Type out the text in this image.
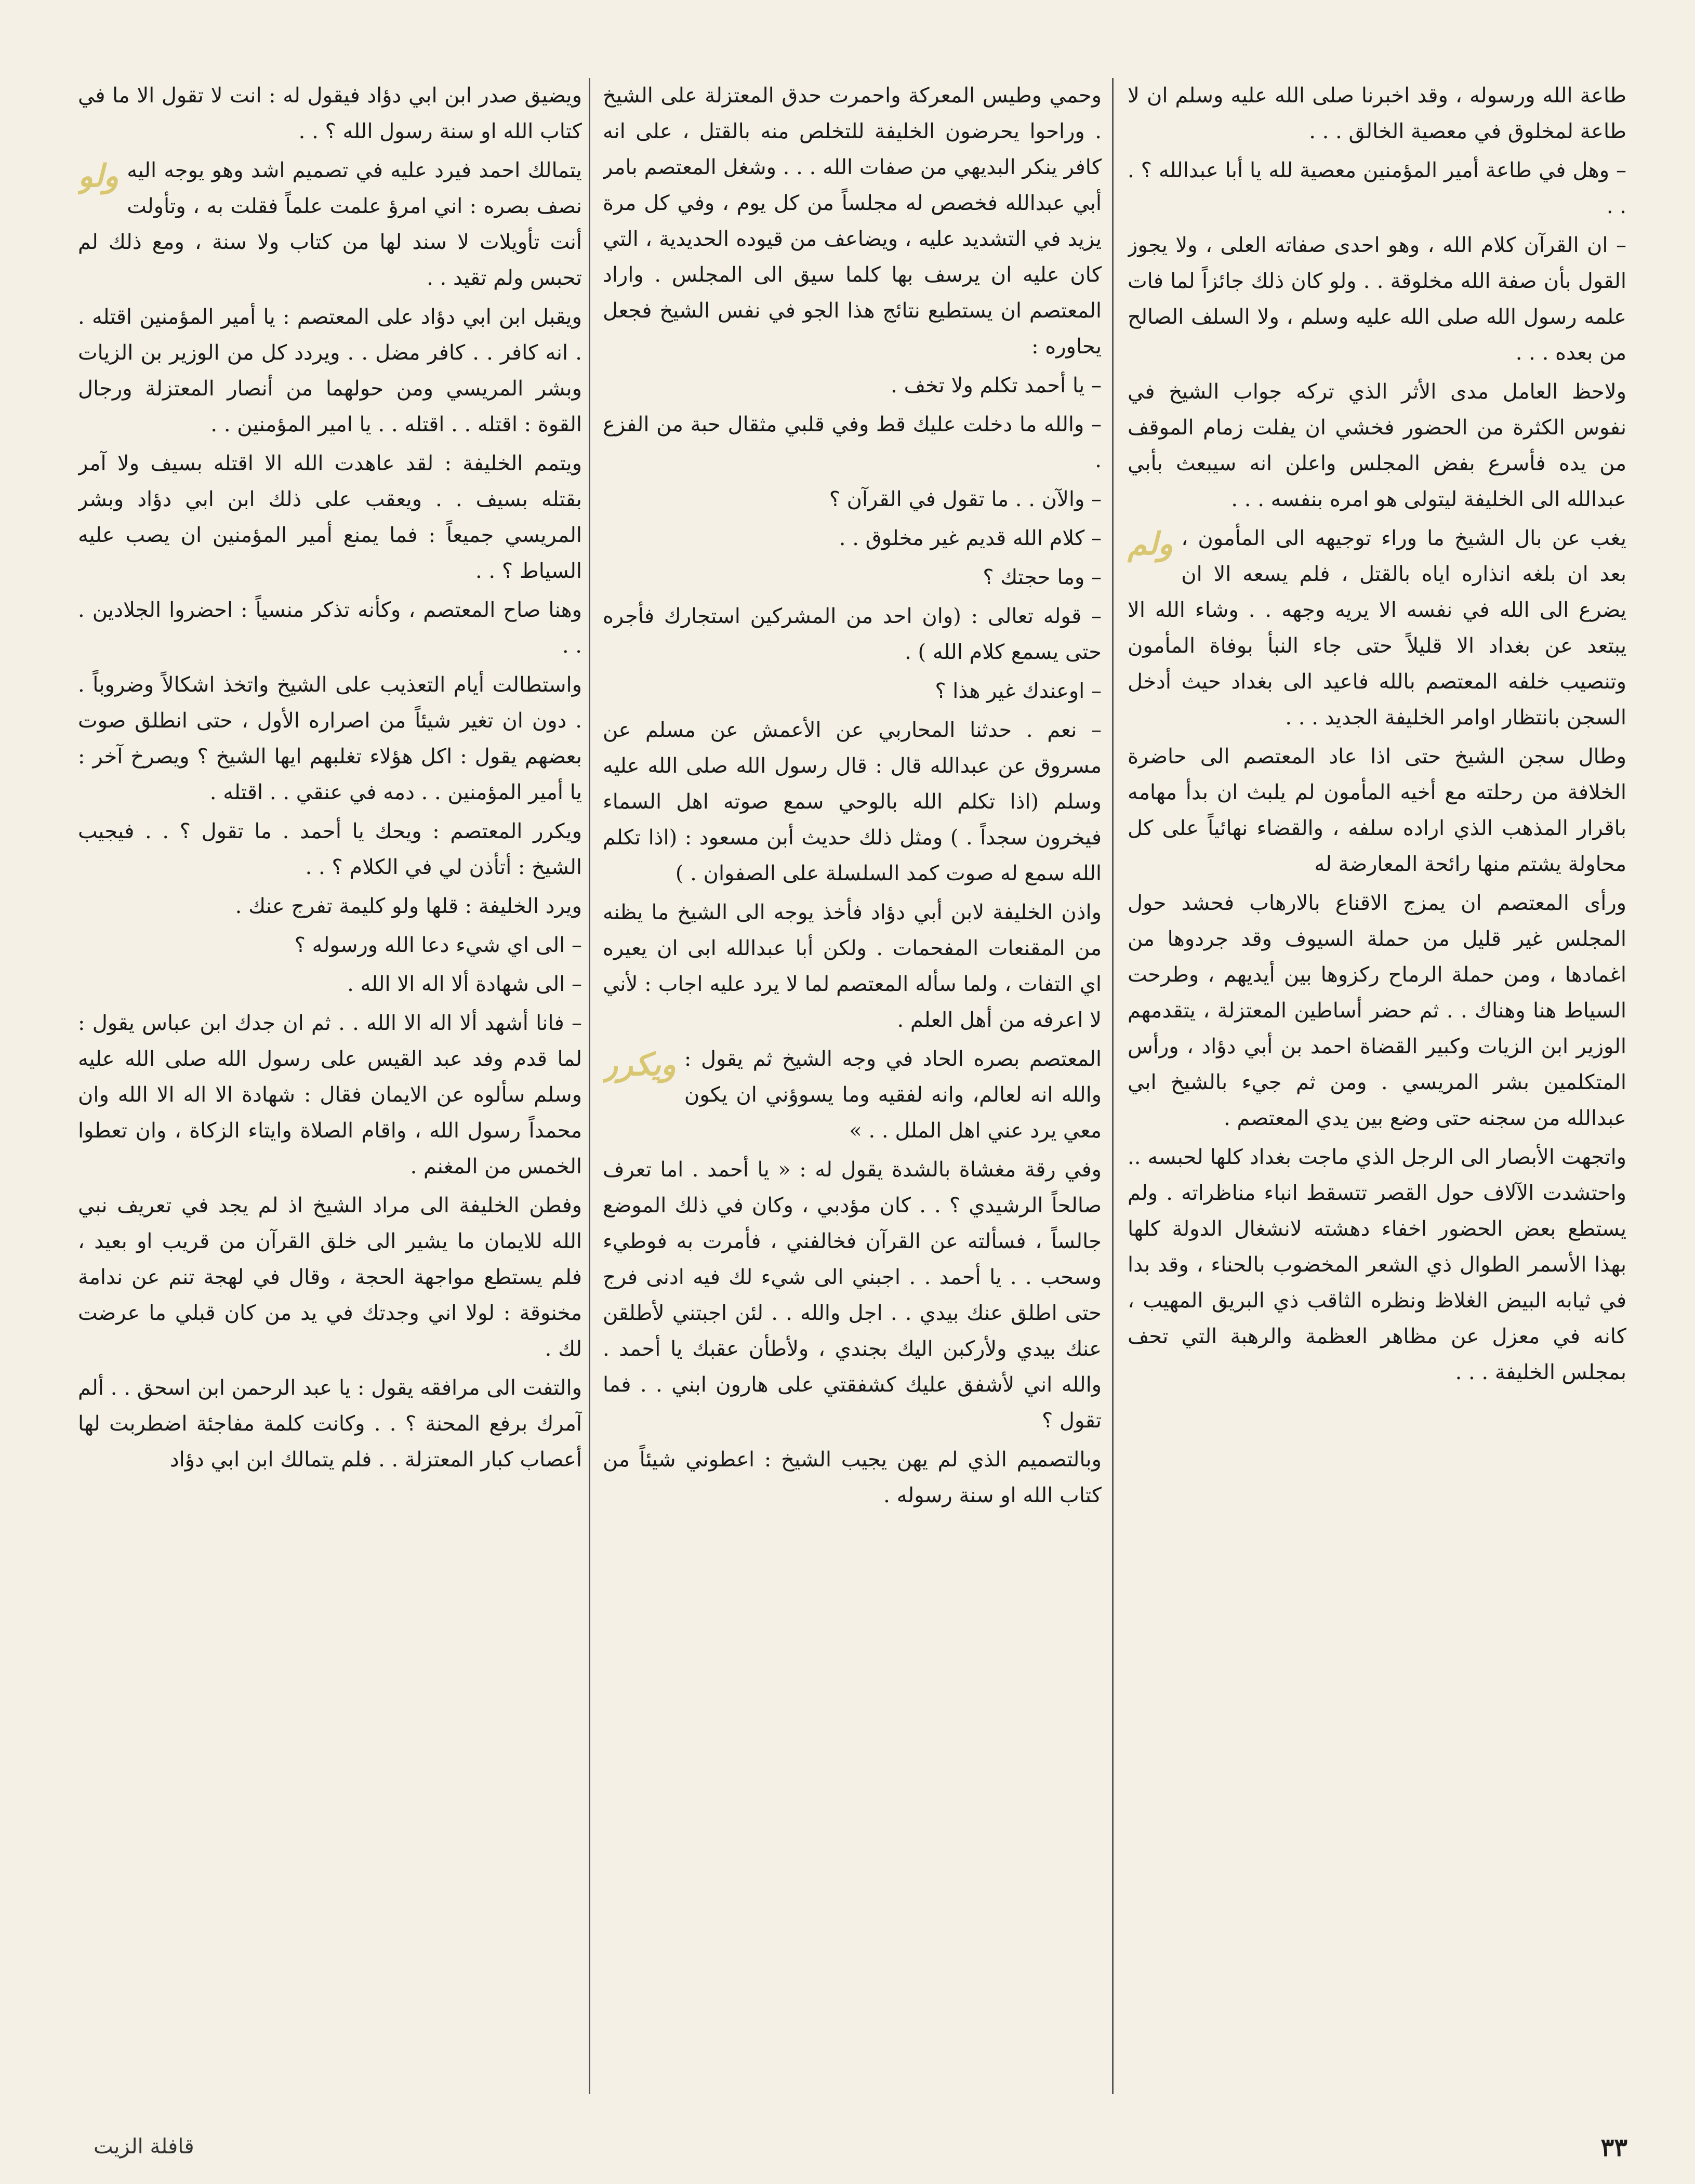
طاعة الله ورسوله ، وقد اخبرنا صلى الله عليه وسلم ان لا طاعة لمخلوق في معصية الخالق . . .

– وهل في طاعة أمير المؤمنين معصية لله يا أبا عبدالله ؟ . . .

– ان القرآن كلام الله ، وهو احدى صفاته العلى ، ولا يجوز القول بأن صفة الله مخلوقة . . ولو كان ذلك جائزاً لما فات علمه رسول الله صلى الله عليه وسلم ، ولا السلف الصالح من بعده . . .

ولاحظ العامل مدى الأثر الذي تركه جواب الشيخ في نفوس الكثرة من الحضور فخشي ان يفلت زمام الموقف من يده فأسرع بفض المجلس واعلن انه سيبعث بأبي عبدالله الى الخليفة ليتولى هو امره بنفسه . . .

ولم يغب عن بال الشيخ ما وراء توجيهه الى المأمون ، بعد ان بلغه انذاره اياه بالقتل ، فلم يسعه الا ان يضرع الى الله في نفسه الا يريه وجهه . . وشاء الله الا يبتعد عن بغداد الا قليلاً حتى جاء النبأ بوفاة المأمون وتنصيب خلفه المعتصم بالله فاعيد الى بغداد حيث أدخل السجن بانتظار اوامر الخليفة الجديد . . .

وطال سجن الشيخ حتى اذا عاد المعتصم الى حاضرة الخلافة من رحلته مع أخيه المأمون لم يلبث ان بدأ مهامه باقرار المذهب الذي اراده سلفه ، والقضاء نهائياً على كل محاولة يشتم منها رائحة المعارضة له

ورأى المعتصم ان يمزج الاقناع بالارهاب فحشد حول المجلس غير قليل من حملة السيوف وقد جردوها من اغمادها ، ومن حملة الرماح ركزوها بين أيديهم ، وطرحت السياط هنا وهناك . . ثم حضر أساطين المعتزلة ، يتقدمهم الوزير ابن الزيات وكبير القضاة احمد بن أبي دؤاد ، ورأس المتكلمين بشر المريسي . ومن ثم جيء بالشيخ ابي عبدالله من سجنه حتى وضع بين يدي المعتصم .

واتجهت الأبصار الى الرجل الذي ماجت بغداد كلها لحبسه .. واحتشدت الآلاف حول القصر تتسقط انباء مناظراته . ولم يستطع بعض الحضور اخفاء دهشته لانشغال الدولة كلها بهذا الأسمر الطوال ذي الشعر المخضوب بالحناء ، وقد بدا في ثيابه البيض الغلاظ ونظره الثاقب ذي البريق المهيب ، كانه في معزل عن مظاهر العظمة والرهبة التي تحف بمجلس الخليفة . . .

وحمي وطيس المعركة واحمرت حدق المعتزلة على الشيخ . وراحوا يحرضون الخليفة للتخلص منه بالقتل ، على انه كافر ينكر البديهي من صفات الله . . . وشغل المعتصم بامر أبي عبدالله فخصص له مجلساً من كل يوم ، وفي كل مرة يزيد في التشديد عليه ، ويضاعف من قيوده الحديدية ، التي كان عليه ان يرسف بها كلما سيق الى المجلس . واراد المعتصم ان يستطيع نتائج هذا الجو في نفس الشيخ فجعل يحاوره :

– يا أحمد تكلم ولا تخف .

– والله ما دخلت عليك قط وفي قلبي مثقال حبة من الفزع .

– والآن . . ما تقول في القرآن ؟

– كلام الله قديم غير مخلوق . .

– وما حجتك ؟

– قوله تعالى : (وان احد من المشركين استجارك فأجره حتى يسمع كلام الله ) .

– اوعندك غير هذا ؟

– نعم . حدثنا المحاربي عن الأعمش عن مسلم عن مسروق عن عبدالله قال : قال رسول الله صلى الله عليه وسلم (اذا تكلم الله بالوحي سمع صوته اهل السماء فيخرون سجداً . ) ومثل ذلك حديث أبن مسعود : (اذا تكلم الله سمع له صوت كمد السلسلة على الصفوان . )

واذن الخليفة لابن أبي دؤاد فأخذ يوجه الى الشيخ ما يظنه من المقنعات المفحمات . ولكن أبا عبدالله ابى ان يعيره اي التفات ، ولما سأله المعتصم لما لا يرد عليه اجاب : لأني لا اعرفه من أهل العلم .

ويكرر المعتصم بصره الحاد في وجه الشيخ ثم يقول : والله انه لعالم، وانه لفقيه وما يسوؤني ان يكون معي يرد عني اهل الملل . . »

وفي رقة مغشاة بالشدة يقول له : « يا أحمد . اما تعرف صالحاً الرشيدي ؟ . . كان مؤدبي ، وكان في ذلك الموضع جالساً ، فسألته عن القرآن فخالفني ، فأمرت به فوطيء وسحب . . يا أحمد . . اجبني الى شيء لك فيه ادنى فرج حتى اطلق عنك بيدي . . اجل والله . . لئن اجبتني لأطلقن عنك بيدي ولأركبن اليك بجندي ، ولأطأن عقبك يا أحمد . والله اني لأشفق عليك كشفقتي على هارون ابني . . فما تقول ؟

وبالتصميم الذي لم يهن يجيب الشيخ : اعطوني شيئاً من كتاب الله او سنة رسوله .

ويضيق صدر ابن ابي دؤاد فيقول له : انت لا تقول الا ما في كتاب الله او سنة رسول الله ؟ . .

ولو يتمالك احمد فيرد عليه في تصميم اشد وهو يوجه اليه نصف بصره : اني امرؤ علمت علماً فقلت به ، وتأولت أنت تأويلات لا سند لها من كتاب ولا سنة ، ومع ذلك لم تحبس ولم تقيد . .

ويقبل ابن ابي دؤاد على المعتصم : يا أمير المؤمنين اقتله . . انه كافر . . كافر مضل . . ويردد كل من الوزير بن الزيات وبشر المريسي ومن حولهما من أنصار المعتزلة ورجال القوة : اقتله . . اقتله . . يا امير المؤمنين . .

ويتمم الخليفة : لقد عاهدت الله الا اقتله بسيف ولا آمر بقتله بسيف . . ويعقب على ذلك ابن ابي دؤاد وبشر المريسي جميعاً : فما يمنع أمير المؤمنين ان يصب عليه السياط ؟ . .

وهنا صاح المعتصم ، وكأنه تذكر منسياً : احضروا الجلادين . . .

واستطالت أيام التعذيب على الشيخ واتخذ اشكالاً وضروباً . . دون ان تغير شيئاً من اصراره الأول ، حتى انطلق صوت بعضهم يقول : اكل هؤلاء تغلبهم ايها الشيخ ؟ ويصرخ آخر : يا أمير المؤمنين . . دمه في عنقي . . اقتله .

ويكرر المعتصم : ويحك يا أحمد . ما تقول ؟ . . فيجيب الشيخ : أتأذن لي في الكلام ؟ . .

ويرد الخليفة : قلها ولو كليمة تفرج عنك .

– الى اي شيء دعا الله ورسوله ؟

– الى شهادة ألا اله الا الله .

– فانا أشهد ألا اله الا الله . . ثم ان جدك ابن عباس يقول : لما قدم وفد عبد القيس على رسول الله صلى الله عليه وسلم سألوه عن الايمان فقال : شهادة الا اله الا الله وان محمداً رسول الله ، واقام الصلاة وايتاء الزكاة ، وان تعطوا الخمس من المغنم .

وفطن الخليفة الى مراد الشيخ اذ لم يجد في تعريف نبي الله للايمان ما يشير الى خلق القرآن من قريب او بعيد ، فلم يستطع مواجهة الحجة ، وقال في لهجة تنم عن ندامة مخنوقة : لولا اني وجدتك في يد من كان قبلي ما عرضت لك .

والتفت الى مرافقه يقول : يا عبد الرحمن ابن اسحق . . ألم آمرك برفع المحنة ؟ . . وكانت كلمة مفاجئة اضطربت لها أعصاب كبار المعتزلة . . فلم يتمالك ابن ابي دؤاد

٣٣
قافلة الزيت
